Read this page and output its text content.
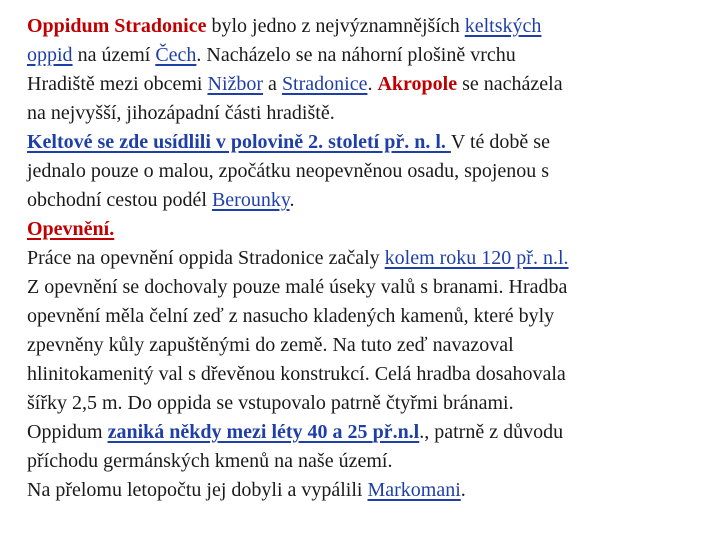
Oppidum Stradonice bylo jedno z nejvýznamnějších keltských
oppid na území Čech. Nacházelo se na náhorní plošině vrchu
Hradiště mezi obcemi Nižbor a Stradonice. Akropole se nacházela
na nejvyšší, jihozápadní části hradiště.
Keltové se zde usídlili v polovině 2. století př. n. l. V té době se
jednalo pouze o malou, zpočátku neopevněnou osadu, spojenou s
obchodní cestou podél Berounky.
Opevnění.
Práce na opevnění oppida Stradonice začaly kolem roku 120 př. n.l.
Z opevnění se dochovaly pouze malé úseky valů s branami. Hradba
opevnění měla čelní zeď z nasucho kladených kamenů, které byly
zpevněny kůly zapuštěnými do země. Na tuto zeď navazoval
hlinitokamenitý val s dřevěnou konstrukcí. Celá hradba dosahovala
šířky 2,5 m. Do oppida se vstupovalo patrně čtyřmi bránami.
Oppidum zaniká někdy mezi léty 40 a 25 př.n.l., patrně z důvodu
příchodu germánských kmenů na naše území.
Na přelomu letopočtu jej dobyli a vypálili Markomani.
